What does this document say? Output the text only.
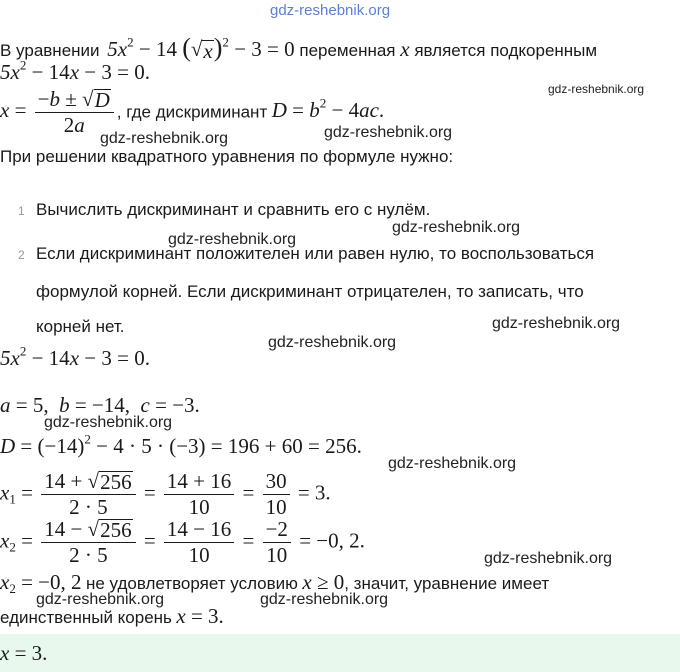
gdz-reshebnik.org
В уравнении $5x^2 - 14$ ( √ x )$^2$ − 3 = 0 переменная x является подкоренным
$5x^2 - 14x - 3 = 0$.
gdz-reshebnik.org
$x = \frac{-b \pm √ D}{2a}$ , где дискриминант $D = b^2 - 4ac$.
gdz-reshebnik.org	gdz-reshebnik.org
При решении квадратного уравнения по формуле нужно:
1 Вычислить дискриминант и сравнить его с нулём.
gdz-reshebnik.org
gdz-reshebnik.org
2 Если дискриминант положителен или равен нулю, то воспользоваться
формулой корней. Если дискриминант отрицателен, то записать, что
корней нет.	gdz-reshebnik.org
gdz-reshebnik.org
$5x^2 - 14x - 3 = 0$.
a = 5,  b = −14,  c = −3.
gdz-reshebnik.org
$D = (-14)^2 - 4 \cdot 5 \cdot (-3) = 196 + 60 = 256$.
gdz-reshebnik.org
$x_1 = \frac{14 + √ 256}{2 \cdot 5} = \frac{14 + 16}{10} = \frac{30}{10} = 3$.
$x_2 = \frac{14 - √ 256}{2 \cdot 5} = \frac{14 - 16}{10} = \frac{-2}{10} = -0$, 2.
gdz-reshebnik.org
$x_2 = -0$, 2 не удовлетворяет условию x ≥ 0, значит, уравнение имеет
gdz-reshebnik.org	gdz-reshebnik.org
единственный корень x = 3.
x = 3.
